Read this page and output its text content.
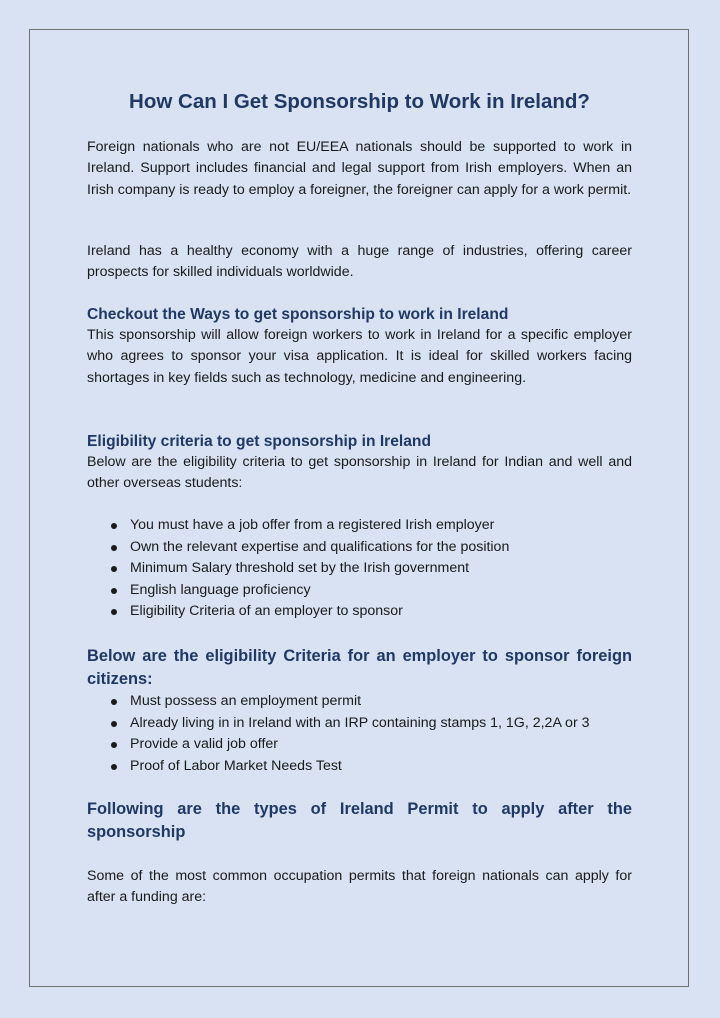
How Can I Get Sponsorship to Work in Ireland?

Foreign nationals who are not EU/EEA nationals should be supported to work in Ireland. Support includes financial and legal support from Irish employers. When an Irish company is ready to employ a foreigner, the foreigner can apply for a work permit.

Ireland has a healthy economy with a huge range of industries, offering career prospects for skilled individuals worldwide.

Checkout the Ways to get sponsorship to work in Ireland

This sponsorship will allow foreign workers to work in Ireland for a specific employer who agrees to sponsor your visa application. It is ideal for skilled workers facing shortages in key fields such as technology, medicine and engineering.

Eligibility criteria to get sponsorship in Ireland

Below are the eligibility criteria to get sponsorship in Ireland for Indian and well and other overseas students:

You must have a job offer from a registered Irish employer
Own the relevant expertise and qualifications for the position
Minimum Salary threshold set by the Irish government
English language proficiency
Eligibility Criteria of an employer to sponsor
Below are the eligibility Criteria for an employer to sponsor foreign
citizens:
Must possess an employment permit
Already living in in Ireland with an IRP containing stamps 1, 1G, 2,2A or 3
Provide a valid job offer
Proof of Labor Market Needs Test
Following are the types of Ireland Permit to apply after the
sponsorship

Some of the most common occupation permits that foreign nationals can apply for after a funding are:
